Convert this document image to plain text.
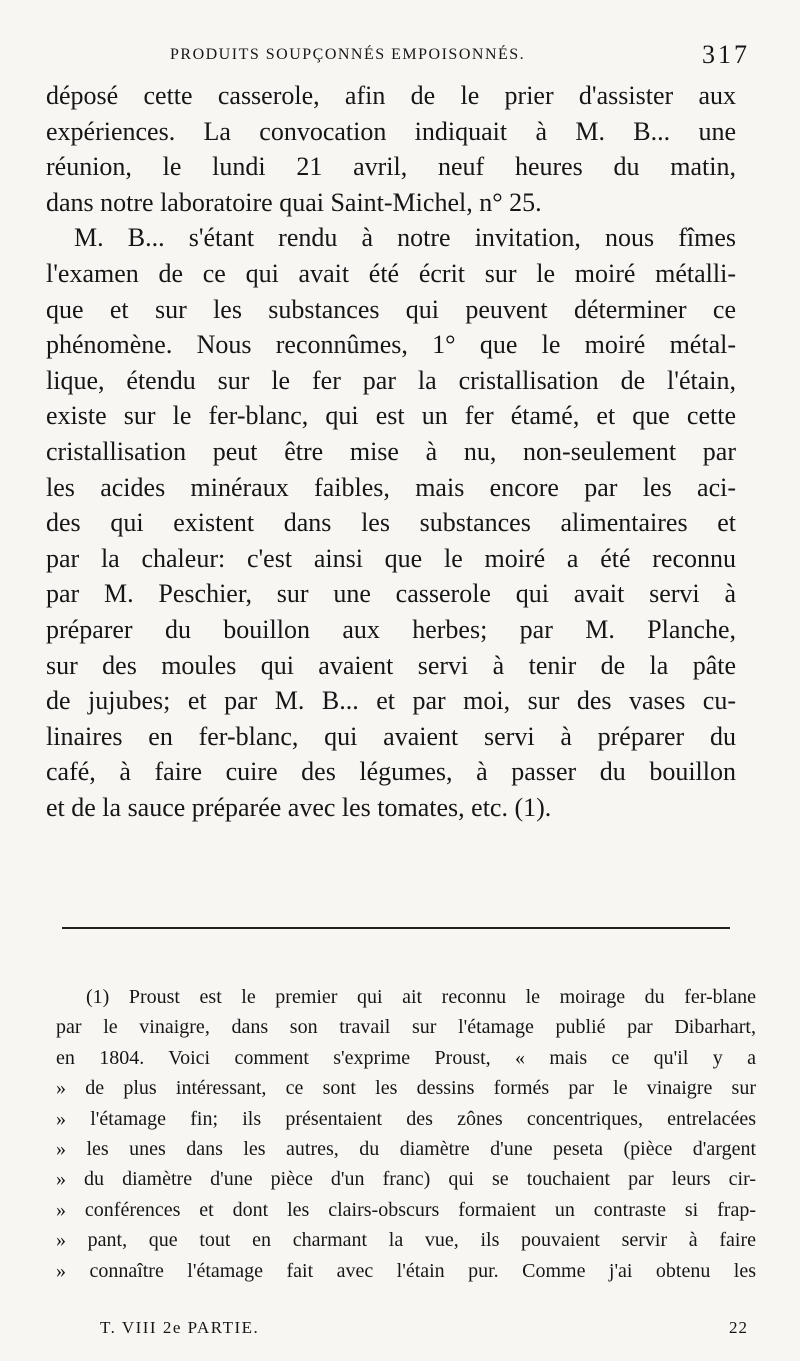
PRODUITS SOUPÇONNÉS EMPOISONNÉS.	317
déposé cette casserole, afin de le prier d'assister aux
expériences. La convocation indiquait à M. B... une
réunion, le lundi 21 avril, neuf heures du matin,
dans notre laboratoire quai Saint-Michel, n° 25.
M. B... s'étant rendu à notre invitation, nous fîmes
l'examen de ce qui avait été écrit sur le moiré métalli-
que et sur les substances qui peuvent déterminer ce
phénomène. Nous reconnûmes, 1° que le moiré métal-
lique, étendu sur le fer par la cristallisation de l'étain,
existe sur le fer-blanc, qui est un fer étamé, et que cette
cristallisation peut être mise à nu, non-seulement par
les acides minéraux faibles, mais encore par les aci-
des qui existent dans les substances alimentaires et
par la chaleur: c'est ainsi que le moiré a été reconnu
par M. Peschier, sur une casserole qui avait servi à
préparer du bouillon aux herbes; par M. Planche,
sur des moules qui avaient servi à tenir de la pâte
de jujubes; et par M. B... et par moi, sur des vases cu-
linaires en fer-blanc, qui avaient servi à préparer du
café, à faire cuire des légumes, à passer du bouillon
et de la sauce préparée avec les tomates, etc. (1).
(1) Proust est le premier qui ait reconnu le moirage du fer-blane
par le vinaigre, dans son travail sur l'étamage publié par Dibarhart,
en 1804. Voici comment s'exprime Proust, « mais ce qu'il y a
» de plus intéressant, ce sont les dessins formés par le vinaigre sur
» l'étamage fin; ils présentaient des zônes concentriques, entrelacées
» les unes dans les autres, du diamètre d'une peseta (pièce d'argent
» du diamètre d'une pièce d'un franc) qui se touchaient par leurs cir-
» conférences et dont les clairs-obscurs formaient un contraste si frap-
» pant, que tout en charmant la vue, ils pouvaient servir à faire
» connaître l'étamage fait avec l'étain pur. Comme j'ai obtenu les
T. VIII 2e PARTIE.	22
